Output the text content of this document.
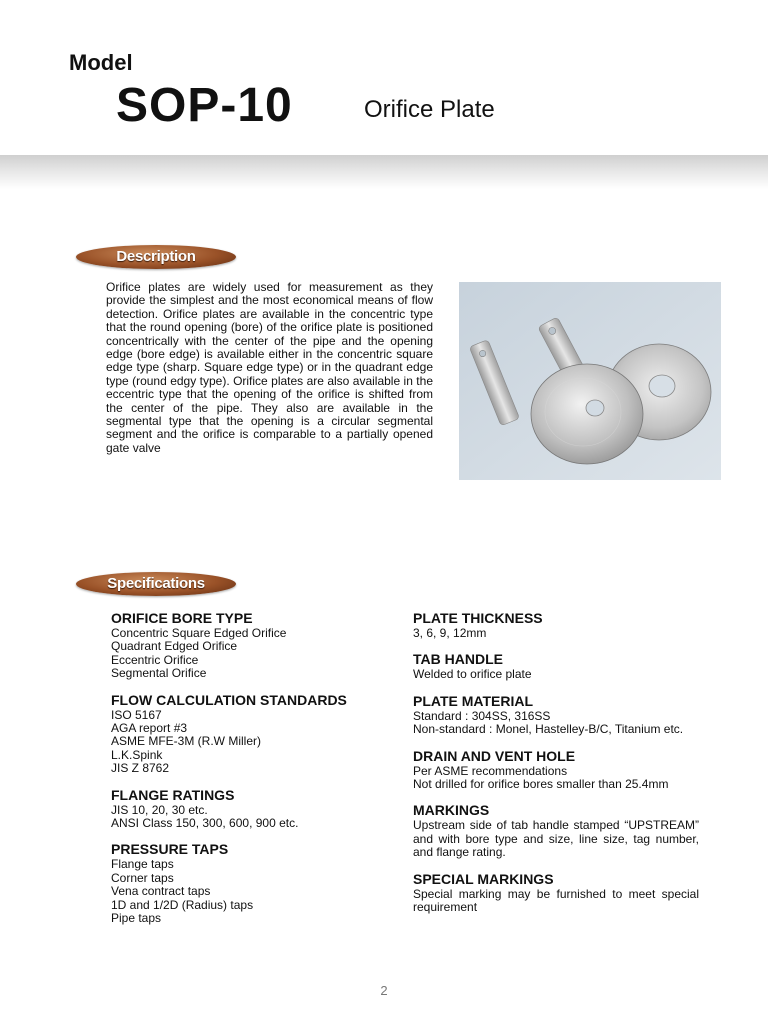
Model
SOP-10	Orifice Plate
Description
Orifice plates are widely used for measurement as they provide the simplest and the most economical means of flow detection. Orifice plates are available in the concentric type that the round opening (bore) of the orifice plate is positioned concentrically with the center of the pipe and the opening edge (bore edge) is available either in the concentric square edge type (sharp. Square edge type) or in the quadrant edge type (round edgy type). Orifice plates are also available in the eccentric type that the opening of the orifice is shifted from the center of the pipe. They also are available in the segmental type that the opening is a circular segmental segment and the orifice is comparable to a partially opened gate valve
Specifications
ORIFICE BORE TYPE
Concentric Square Edged Orifice
Quadrant Edged Orifice
Eccentric Orifice
Segmental Orifice
FLOW CALCULATION STANDARDS
ISO 5167
AGA report #3
ASME MFE-3M (R.W Miller)
L.K.Spink
JIS Z 8762
FLANGE RATINGS
JIS 10, 20, 30 etc.
ANSI Class 150, 300, 600, 900 etc.
PRESSURE TAPS
Flange taps
Corner taps
Vena contract taps
1D and 1/2D (Radius) taps
Pipe taps
PLATE THICKNESS
3, 6, 9, 12mm
TAB HANDLE
Welded to orifice plate
PLATE MATERIAL
Standard : 304SS, 316SS
Non-standard : Monel, Hastelley-B/C, Titanium etc.
DRAIN AND VENT HOLE
Per ASME recommendations
Not drilled for orifice bores smaller than 25.4mm
MARKINGS
Upstream side of tab handle stamped “UPSTREAM” and with bore type and size, line size, tag number, and flange rating.
SPECIAL MARKINGS
Special marking may be furnished to meet special requirement
2
